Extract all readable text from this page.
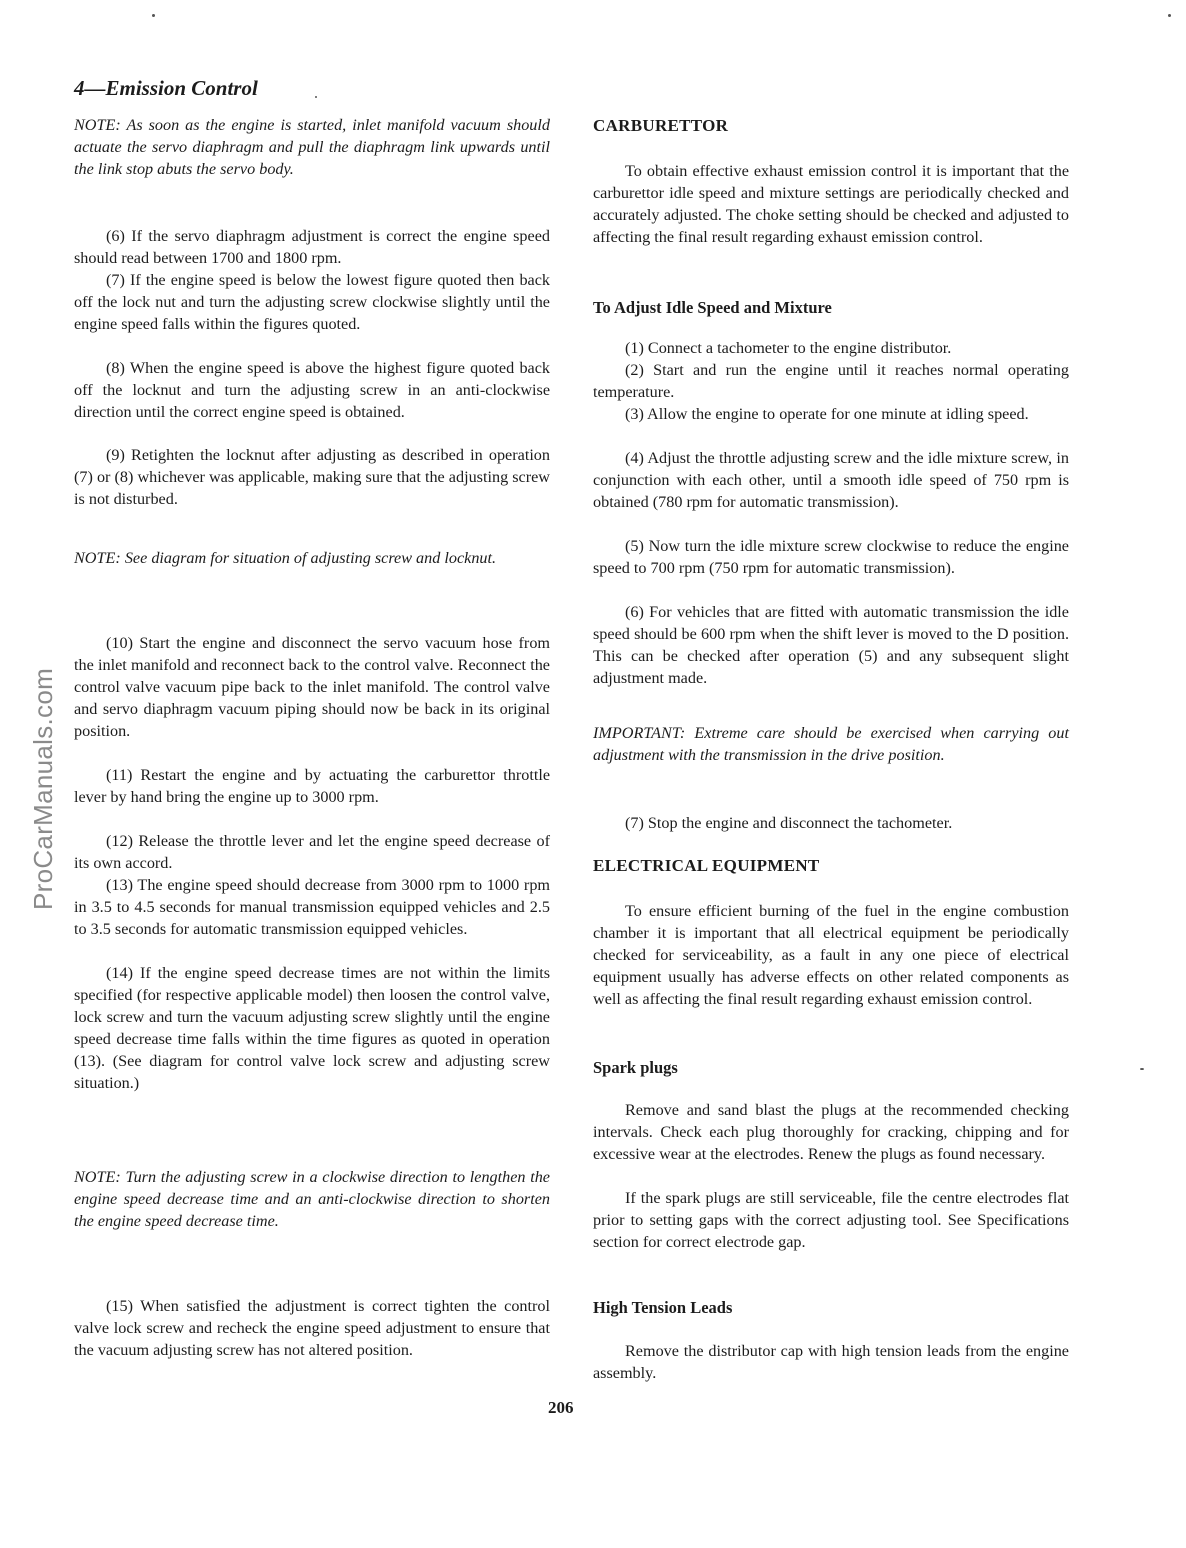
ProCarManuals.com
4—Emission Control

NOTE: As soon as the engine is started, inlet manifold vacuum should actuate the servo diaphragm and pull the diaphragm link upwards until the link stop abuts the servo body.

(6) If the servo diaphragm adjustment is correct the engine speed should read between 1700 and 1800 rpm.

(7) If the engine speed is below the lowest figure quoted then back off the lock nut and turn the adjusting screw clockwise slightly until the engine speed falls within the figures quoted.

(8) When the engine speed is above the highest figure quoted back off the locknut and turn the adjusting screw in an anti-clockwise direction until the correct engine speed is obtained.

(9) Retighten the locknut after adjusting as described in operation (7) or (8) whichever was applicable, making sure that the adjusting screw is not disturbed.

NOTE: See diagram for situation of adjusting screw and locknut.

(10) Start the engine and disconnect the servo vacuum hose from the inlet manifold and reconnect back to the control valve. Reconnect the control valve vacuum pipe back to the inlet manifold. The control valve and servo diaphragm vacuum piping should now be back in its original position.

(11) Restart the engine and by actuating the carburettor throttle lever by hand bring the engine up to 3000 rpm.

(12) Release the throttle lever and let the engine speed decrease of its own accord.

(13) The engine speed should decrease from 3000 rpm to 1000 rpm in 3.5 to 4.5 seconds for manual transmission equipped vehicles and 2.5 to 3.5 seconds for automatic transmission equipped vehicles.

(14) If the engine speed decrease times are not within the limits specified (for respective applicable model) then loosen the control valve, lock screw and turn the vacuum adjusting screw slightly until the engine speed decrease time falls within the time figures as quoted in operation (13). (See diagram for control valve lock screw and adjusting screw situation.)

NOTE: Turn the adjusting screw in a clockwise direction to lengthen the engine speed decrease time and an anti-clockwise direction to shorten the engine speed decrease time.

(15) When satisfied the adjustment is correct tighten the control valve lock screw and recheck the engine speed adjustment to ensure that the vacuum adjusting screw has not altered position.

CARBURETTOR

To obtain effective exhaust emission control it is important that the carburettor idle speed and mixture settings are periodically checked and accurately adjusted. The choke setting should be checked and adjusted to affecting the final result regarding exhaust emission control.

To Adjust Idle Speed and Mixture

(1) Connect a tachometer to the engine distributor.

(2) Start and run the engine until it reaches normal operating temperature.

(3) Allow the engine to operate for one minute at idling speed.

(4) Adjust the throttle adjusting screw and the idle mixture screw, in conjunction with each other, until a smooth idle speed of 750 rpm is obtained (780 rpm for automatic transmission).

(5) Now turn the idle mixture screw clockwise to reduce the engine speed to 700 rpm (750 rpm for automatic transmission).

(6) For vehicles that are fitted with automatic transmission the idle speed should be 600 rpm when the shift lever is moved to the D position. This can be checked after operation (5) and any subsequent slight adjustment made.

IMPORTANT: Extreme care should be exercised when carrying out adjustment with the transmission in the drive position.

(7) Stop the engine and disconnect the tachometer.

ELECTRICAL EQUIPMENT

To ensure efficient burning of the fuel in the engine combustion chamber it is important that all electrical equipment be periodically checked for serviceability, as a fault in any one piece of electrical equipment usually has adverse effects on other related components as well as affecting the final result regarding exhaust emission control.

Spark plugs

Remove and sand blast the plugs at the recommended checking intervals. Check each plug thoroughly for cracking, chipping and for excessive wear at the electrodes. Renew the plugs as found necessary.

If the spark plugs are still serviceable, file the centre electrodes flat prior to setting gaps with the correct adjusting tool. See Specifications section for correct electrode gap.

High Tension Leads

Remove the distributor cap with high tension leads from the engine assembly.

206
